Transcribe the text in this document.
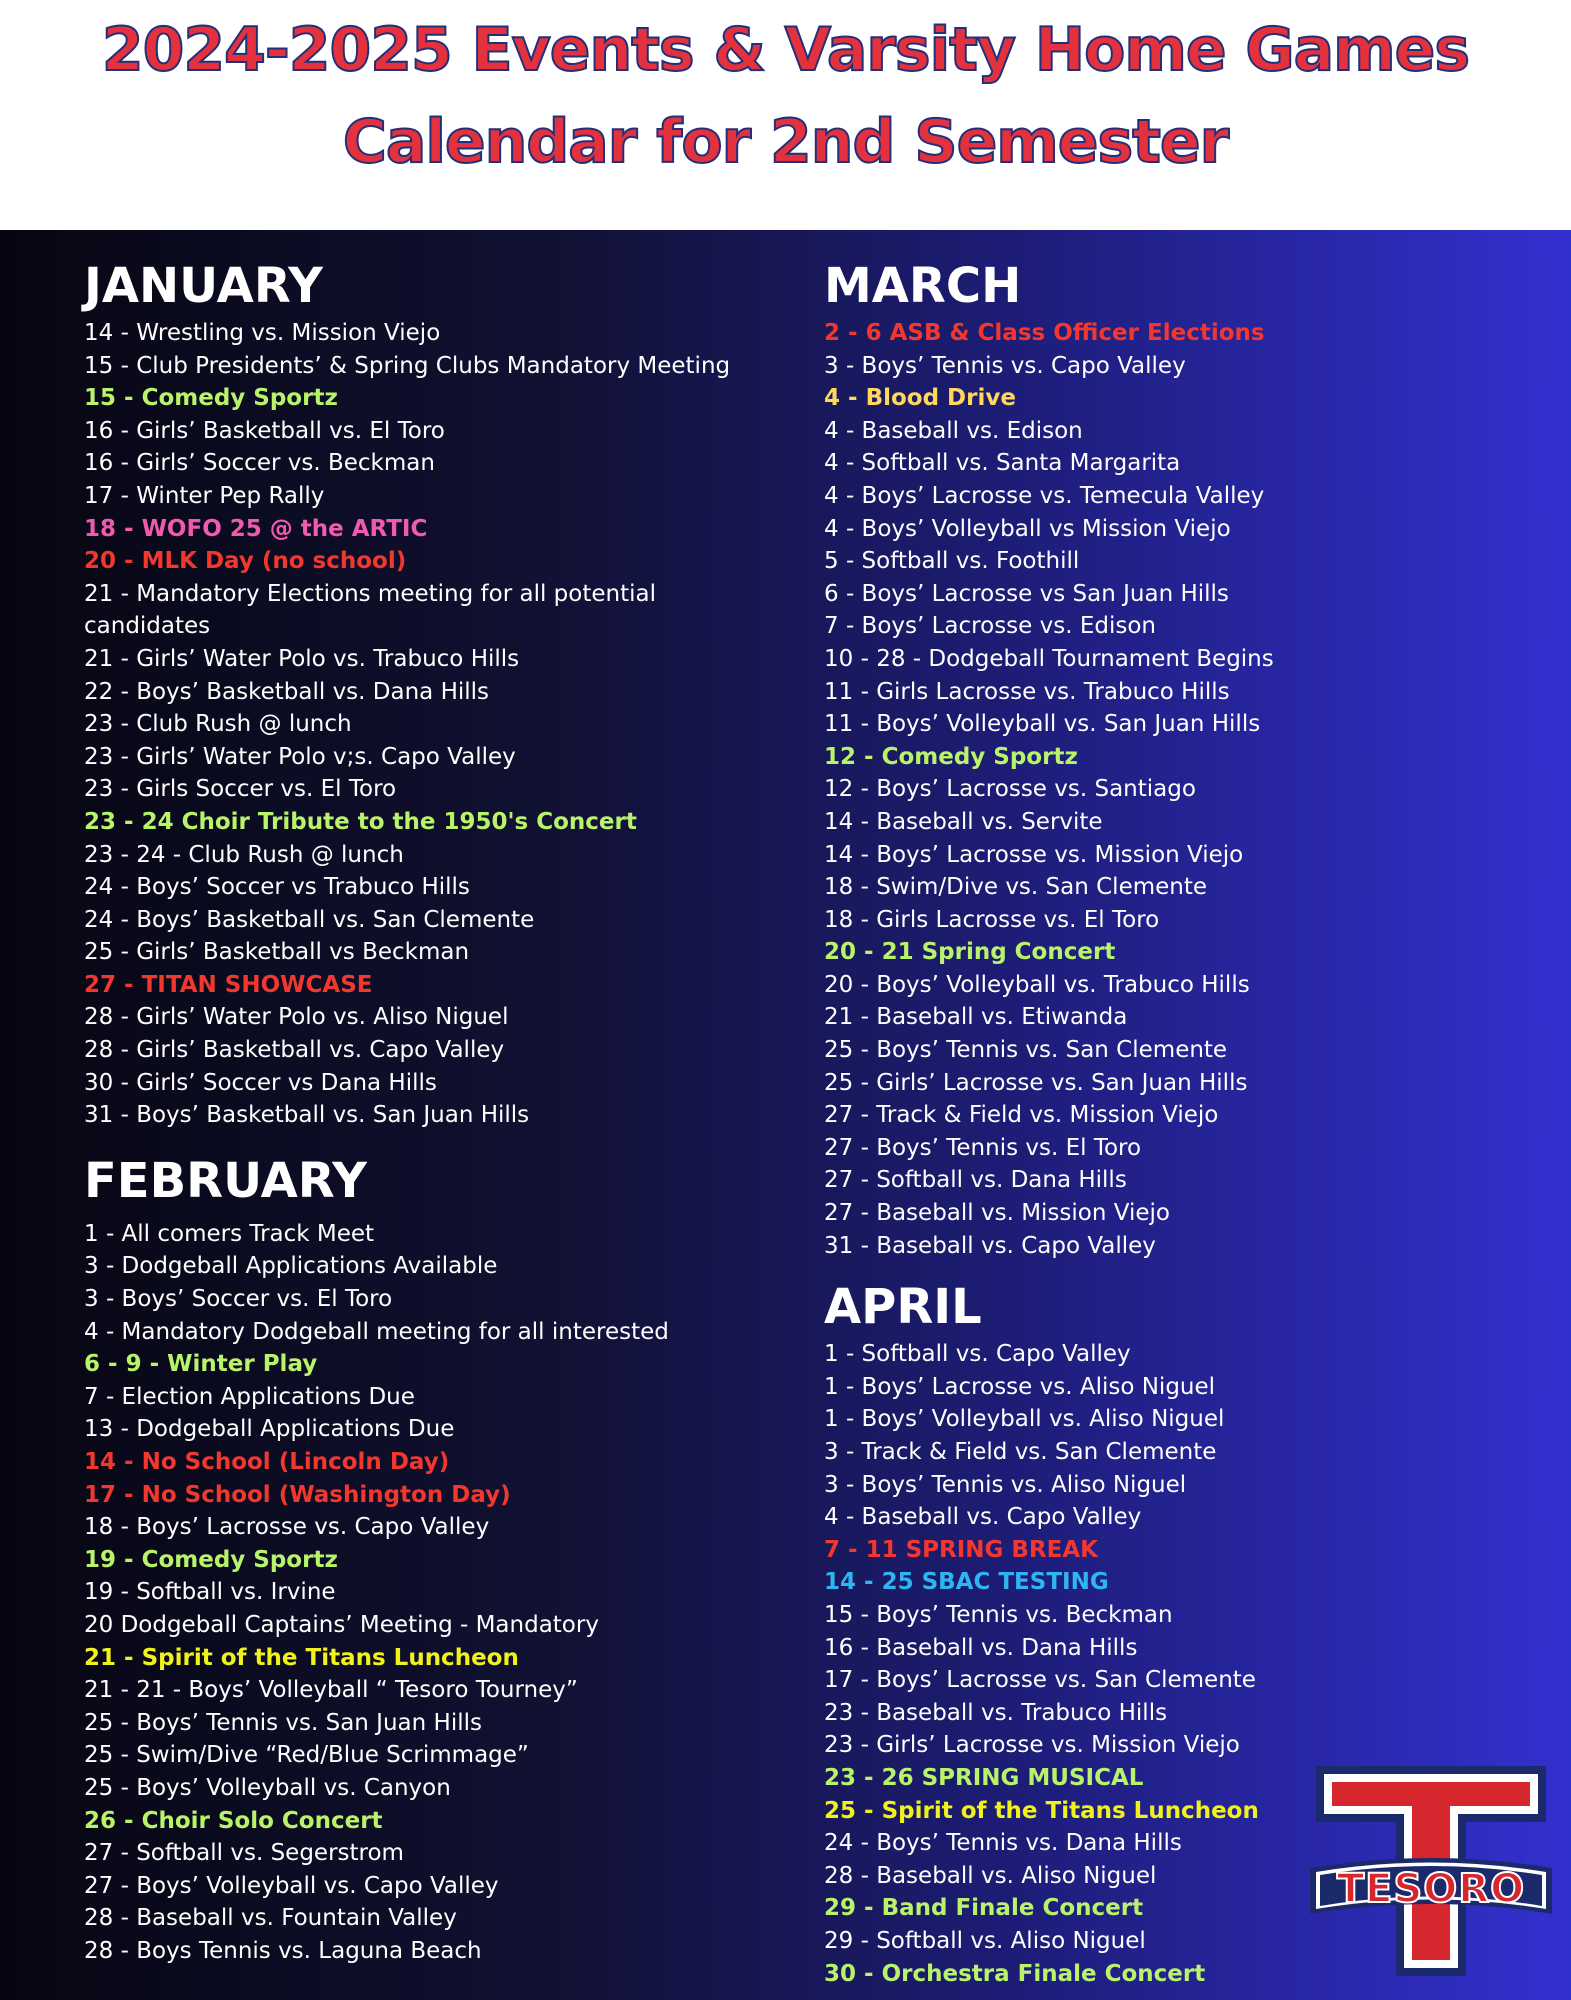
2024-2025 Events & Varsity Home Games
Calendar for 2nd Semester
JANUARY
14 - Wrestling vs. Mission Viejo
15 - Club Presidents’ & Spring Clubs Mandatory Meeting
15 - Comedy Sportz
16 - Girls’ Basketball vs. El Toro
16 - Girls’ Soccer vs. Beckman
17 - Winter Pep Rally
18 - WOFO 25 @ the ARTIC
20 - MLK Day (no school)
21 - Mandatory Elections meeting for all potential candidates
21 - Girls’ Water Polo vs. Trabuco Hills
22 - Boys’ Basketball vs. Dana Hills
23 - Club Rush @ lunch
23 - Girls’ Water Polo v;s. Capo Valley
23 - Girls Soccer vs. El Toro
23 - 24 Choir Tribute to the 1950's Concert
23 - 24 - Club Rush @ lunch
24 - Boys’ Soccer vs Trabuco Hills
24 - Boys’ Basketball vs. San Clemente
25 - Girls’ Basketball vs Beckman
27 - TITAN SHOWCASE
28 - Girls’ Water Polo vs. Aliso Niguel
28 - Girls’ Basketball vs. Capo Valley
30 - Girls’ Soccer vs Dana Hills
31 - Boys’ Basketball vs. San Juan Hills
FEBRUARY
1 - All comers Track Meet
3 - Dodgeball Applications Available
3 - Boys’ Soccer vs. El Toro
4 - Mandatory Dodgeball meeting for all interested
6 - 9 - Winter Play
7 - Election Applications Due
13 - Dodgeball Applications Due
14 - No School (Lincoln Day)
17 - No School (Washington Day)
18 - Boys’ Lacrosse vs. Capo Valley
19 - Comedy Sportz
19 - Softball vs. Irvine
20 Dodgeball Captains’ Meeting - Mandatory
21 - Spirit of the Titans Luncheon
21 - 21 - Boys’ Volleyball “ Tesoro Tourney”
25 - Boys’ Tennis vs. San Juan Hills
25 - Swim/Dive “Red/Blue Scrimmage”
25 - Boys’ Volleyball vs. Canyon
26 - Choir Solo Concert
27 - Softball vs. Segerstrom
27 - Boys’ Volleyball vs. Capo Valley
28 - Baseball vs. Fountain Valley
28 - Boys Tennis vs. Laguna Beach
MARCH
2 - 6 ASB & Class Officer Elections
3 - Boys’ Tennis vs. Capo Valley
4 - Blood Drive
4 - Baseball vs. Edison
4 - Softball vs. Santa Margarita
4 - Boys’ Lacrosse vs. Temecula Valley
4 - Boys’ Volleyball vs Mission Viejo
5 - Softball vs. Foothill
6 - Boys’ Lacrosse vs San Juan Hills
7 - Boys’ Lacrosse vs. Edison
10 - 28 - Dodgeball Tournament Begins
11 - Girls Lacrosse vs. Trabuco Hills
11 - Boys’ Volleyball vs. San Juan Hills
12 - Comedy Sportz
12 - Boys’ Lacrosse vs. Santiago
14 - Baseball vs. Servite
14 - Boys’ Lacrosse vs. Mission Viejo
18 - Swim/Dive vs. San Clemente
18 - Girls Lacrosse vs. El Toro
20 - 21 Spring Concert
20 - Boys’ Volleyball vs. Trabuco Hills
21 - Baseball vs. Etiwanda
25 - Boys’ Tennis vs. San Clemente
25 - Girls’ Lacrosse vs. San Juan Hills
27 - Track & Field vs. Mission Viejo
27 - Boys’ Tennis vs. El Toro
27 - Softball vs. Dana Hills
27 - Baseball vs. Mission Viejo
31 - Baseball vs. Capo Valley
APRIL
1 - Softball vs. Capo Valley
1 - Boys’ Lacrosse vs. Aliso Niguel
1 - Boys’ Volleyball vs. Aliso Niguel
3 - Track & Field vs. San Clemente
3 - Boys’ Tennis vs. Aliso Niguel
4 - Baseball vs. Capo Valley
7 - 11 SPRING BREAK
14 - 25 SBAC TESTING
15 - Boys’ Tennis vs. Beckman
16 - Baseball vs. Dana Hills
17 - Boys’ Lacrosse vs. San Clemente
23 - Baseball vs. Trabuco Hills
23 - Girls’ Lacrosse vs. Mission Viejo
23 - 26 SPRING MUSICAL
25 - Spirit of the Titans Luncheon
24 - Boys’ Tennis vs. Dana Hills
28 - Baseball vs. Aliso Niguel
29 - Band Finale Concert
29 - Softball vs. Aliso Niguel
30 - Orchestra Finale Concert
TESORO
